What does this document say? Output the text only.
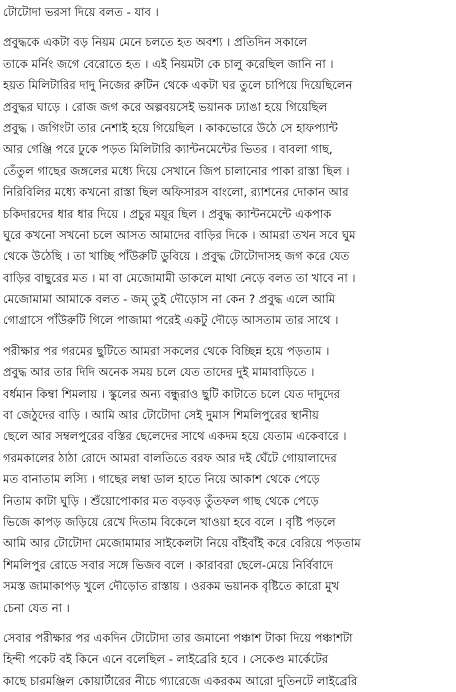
টোটোদা ভরসা দিয়ে বলত - যাব ।
প্রবুদ্ধকে একটা বড় নিয়ম মেনে চলতে হত অবশ্য । প্রতিদিন সকালে
তাকে মর্নিং জগে বেরোতে হত । এই নিয়মটা কে চালু করেছিল জানি না ।
হয়ত মিলিটারির দাদু নিজের রুটিন থেকে একটা ঘর তুলে চাপিয়ে দিয়েছিলেন
প্রবুদ্ধর ঘাড়ে । রোজ জগ করে অল্পবয়সেই ভয়ানক ঢ্যাঙা হয়ে গিয়েছিল
প্রবুদ্ধ । জগিংটা তার নেশাই হয়ে গিয়েছিল । কাকভোরে উঠে সে হাফপ্যান্ট
আর গেঞ্জি পরে ঢুকে পড়ত মিলিটারি ক্যান্টনমেন্টের ভিতর । বাবলা গাছ,
তেঁতুল গাছের জঙ্গলের মধ্যে দিয়ে সেখানে জিপ চালানোর পাকা রাস্তা ছিল ।
নিরিবিলির মধ্যে কখনো রাস্তা ছিল অফিসারস বাংলো, র‍্যাশনের দোকান আর
চকিদারদের ধার ধার দিয়ে । প্রচুর ময়ূর ছিল । প্রবুদ্ধ ক্যান্টনমেন্টে একপাক
ঘুরে কখনো সখনো চলে আসত আমাদের বাড়ির দিকে । আমরা তখন সবে ঘুম
থেকে উঠেছি । তা খাচ্ছি পাঁউরুটি ডুবিয়ে । প্রবুদ্ধ টোটোদাসহ জগ করে যেত
বাড়ির বাছুরের মত । মা বা মেজোমামী ডাকলে মাথা নেড়ে বলত তা খাবে না ।
মেজোমামা আমাকে বলত - জম্ তুই দৌড়োস না কেন ? প্রবুদ্ধ এলে আমি
গোগ্রাসে পাঁউরুটি গিলে পাজামা পরেই একটু দৌড়ে আসতাম তার সাথে ।
পরীক্ষার পর গরমের ছুটিতে আমরা সকলের থেকে বিচ্ছিন্ন হয়ে পড়তাম ।
প্রবুদ্ধ আর তার দিদি অনেক সময় চলে যেত তাদের দুই মামাবাড়িতে ।
বর্ধমান কিম্বা শিমলায় । স্কুলের অন্য বন্ধুরাও ছুটি কাটাতে চলে যেত দাদুদের
বা জেঠুদের বাড়ি । আমি আর টোটোদা সেই দুমাস শিমলিপুরের স্থানীয়
ছেলে আর সম্বলপুরের বস্তির ছেলেদের সাথে একদম হয়ে যেতাম একেবারে ।
গরমকালের ঠাঠা রোদে আমরা বালতিতে বরফ আর দই ঘেঁটে গোয়ালাদের
মত বানাতাম লস্যি । গাছের লম্বা ডাল হাতে নিয়ে আকাশ থেকে পেড়ে
নিতাম কাটা ঘুড়ি । শুঁয়োপোকার মত বড়বড় তুঁতফল গাছ থেকে পেড়ে
ভিজে কাপড় জড়িয়ে রেখে দিতাম বিকেলে খাওয়া হবে বলে । বৃষ্টি পড়লে
আমি আর টোটোদা মেজোমামার সাইকেলটা নিয়ে বাঁইবাঁই করে বেরিয়ে পড়তাম
শিমলিপুর রোডে সবার সঙ্গে ভিজব বলে । কারাবরা ছেলে-মেয়ে নির্বিবাদে
সমস্ত জামাকাপড় খুলে দৌড়োত রাস্তায় । ওরকম ভয়ানক বৃষ্টিতে কারো মুখ
চেনা যেত না ।
সেবার পরীক্ষার পর একদিন টোটোদা তার জমানো পঞ্চাশ টাকা দিয়ে পঞ্চাশটা
হিন্দী পকেট বই কিনে এনে বলেছিল - লাইব্রেরি হবে । সেকেণ্ড মার্কেটের
কাছে চারমঞ্জিল কোয়ার্টারের নীচে গ্যারেজে একরকম আরো দুতিনটে লাইব্রেরি
